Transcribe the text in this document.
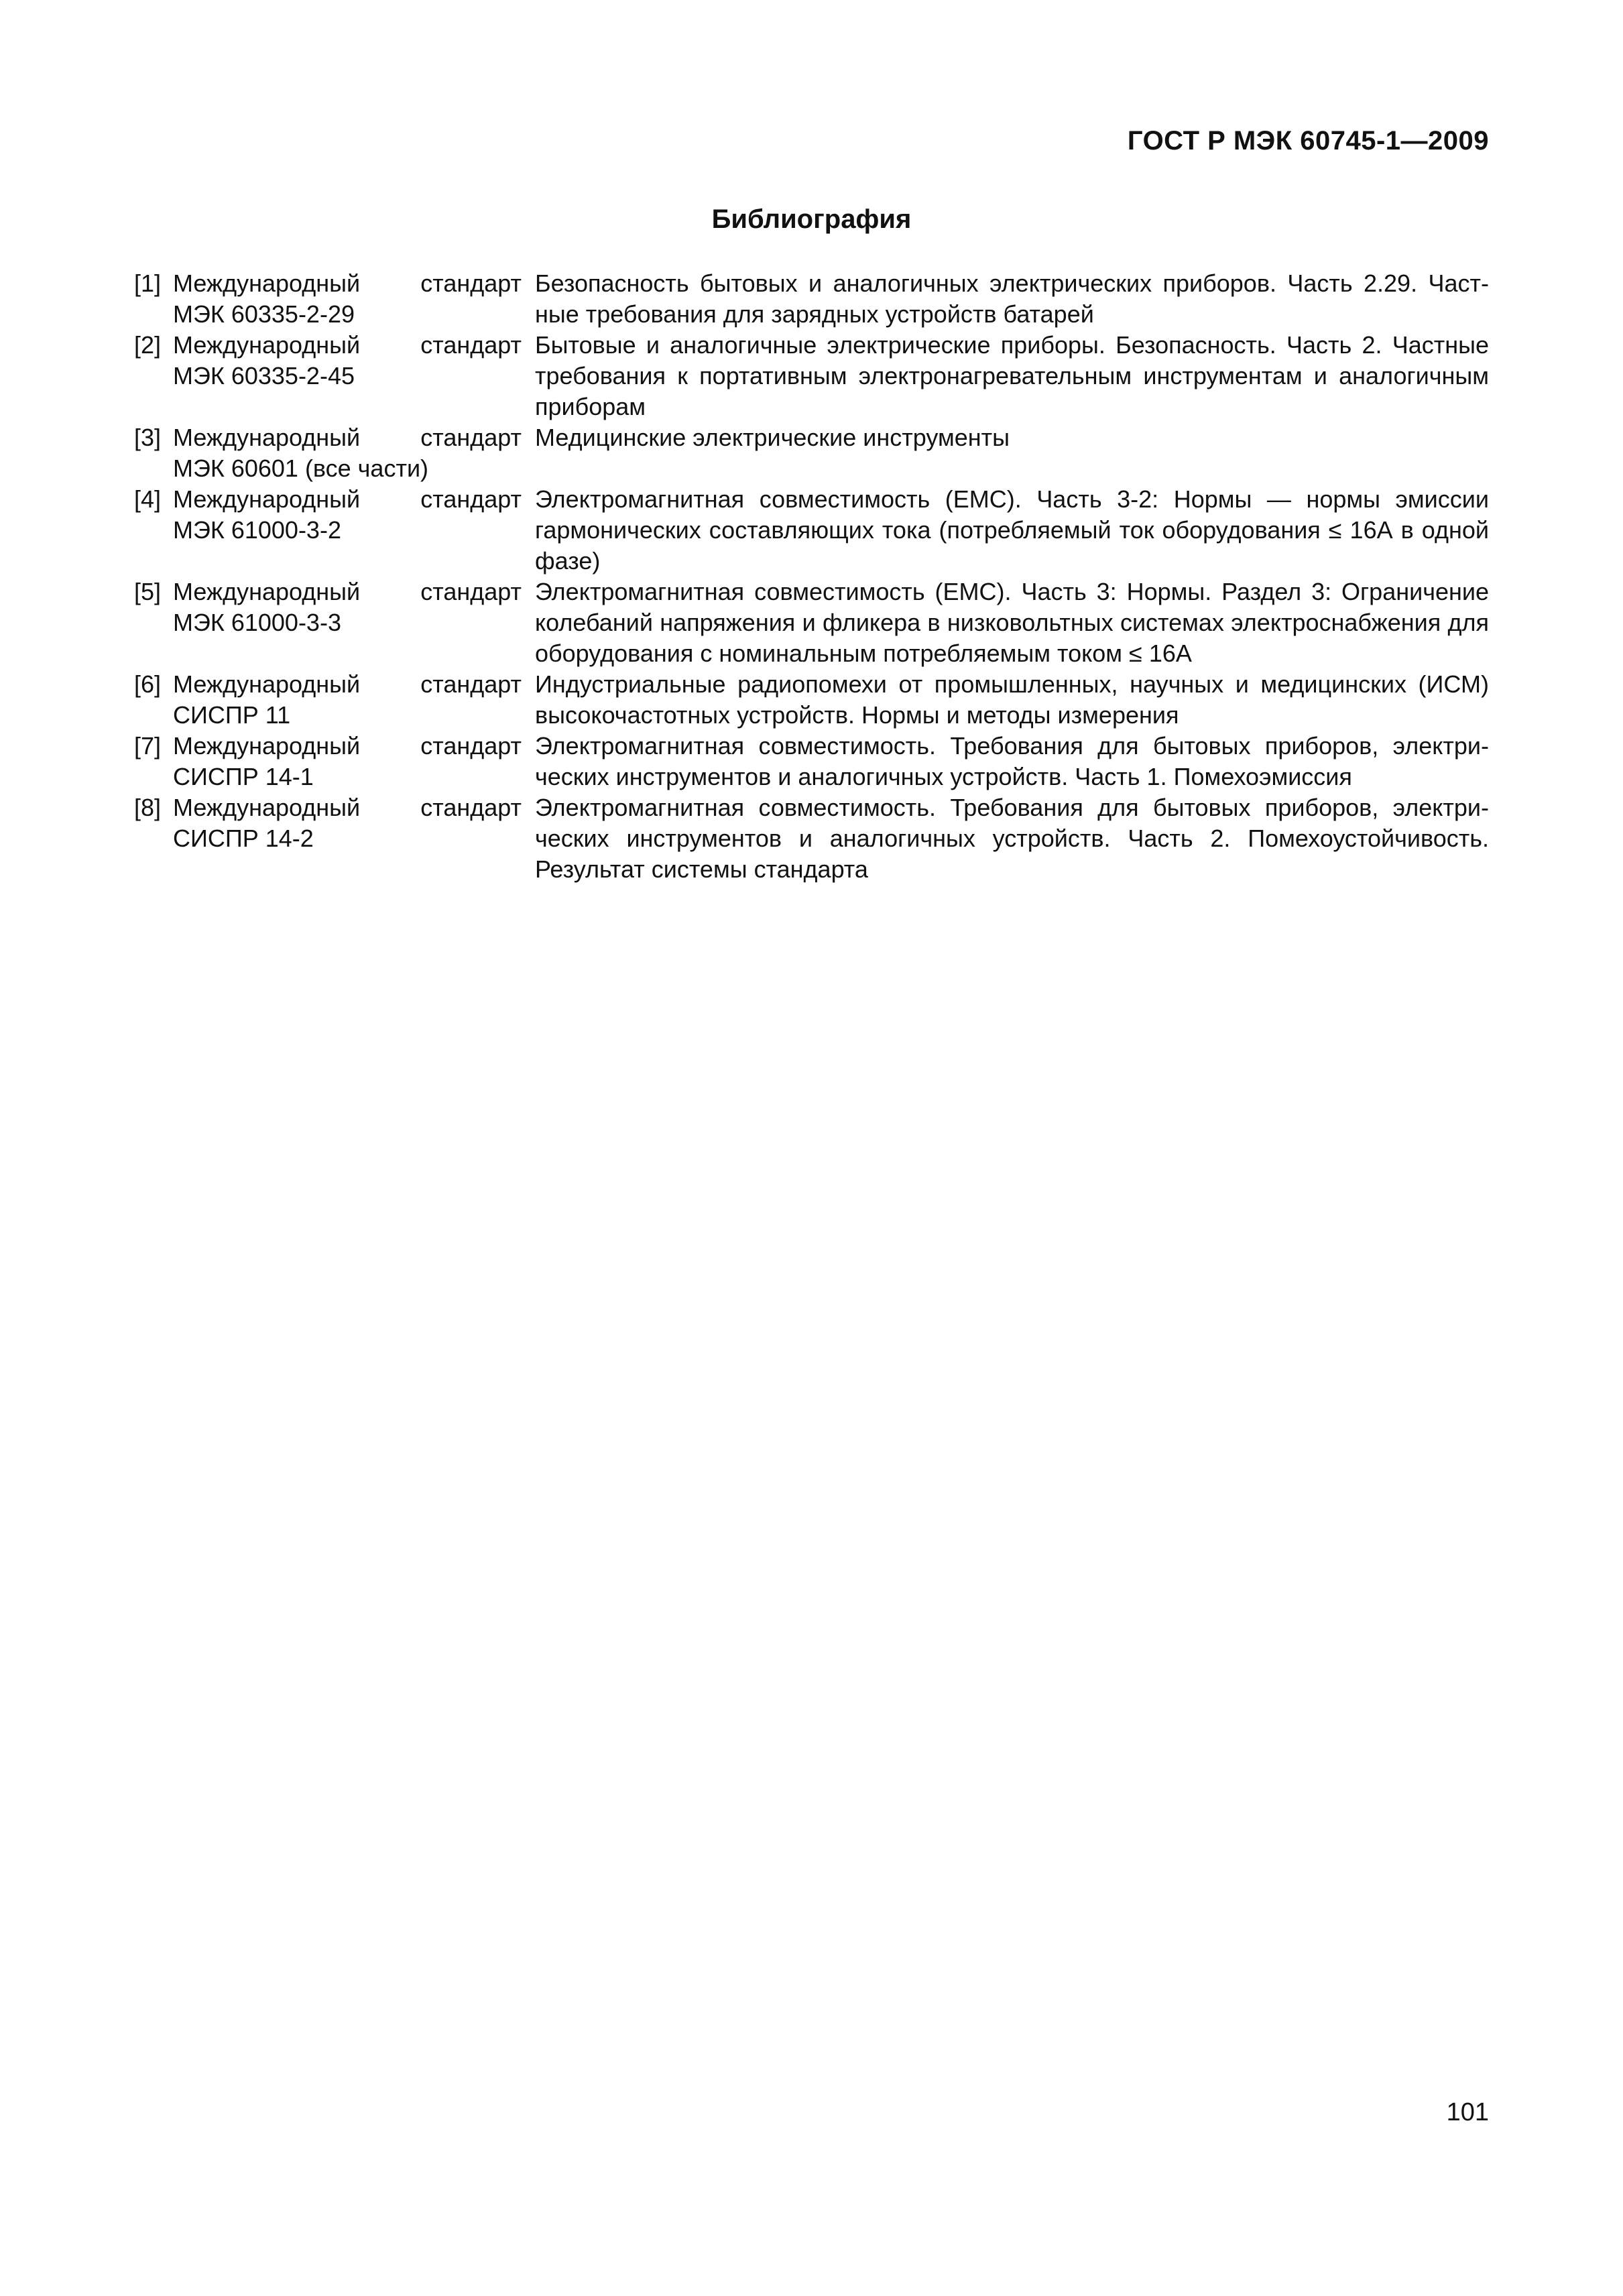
ГОСТ Р МЭК 60745-1—2009
Библиография
[1] Международный стандарт
МЭК 60335-2-29
Безопасность бытовых и аналогичных электрических приборов. Часть 2.29. Частные требования для зарядных устройств батарей
[2] Международный стандарт
МЭК 60335-2-45
Бытовые и аналогичные электрические приборы. Безопасность. Часть 2. Частные требования к портативным электронагревательным инструментам и аналогичным приборам
[3] Международный стандарт
МЭК 60601 (все части)
Медицинские электрические инструменты
[4] Международный стандарт
МЭК 61000-3-2
Электромагнитная совместимость (ЕМС). Часть 3-2: Нормы — нормы эмиссии гармонических составляющих тока (потребляемый ток оборудования ≤ 16А в одной фазе)
[5] Международный стандарт
МЭК 61000-3-3
Электромагнитная совместимость (ЕМС). Часть 3: Нормы. Раздел 3: Ограничение колебаний напряжения и фликера в низковольтных системах электроснабжения для оборудования с номинальным потребляемым током ≤ 16А
[6] Международный стандарт
СИСПР 11
Индустриальные радиопомехи от промышленных, научных и медицинских (ИСМ) высокочастотных устройств. Нормы и методы измерения
[7] Международный стандарт
СИСПР 14-1
Электромагнитная совместимость. Требования для бытовых приборов, электрических инструментов и аналогичных устройств. Часть 1. Помехоэмиссия
[8] Международный стандарт
СИСПР 14-2
Электромагнитная совместимость. Требования для бытовых приборов, электрических инструментов и аналогичных устройств. Часть 2. Помехоустойчивость. Результат системы стандарта
101
